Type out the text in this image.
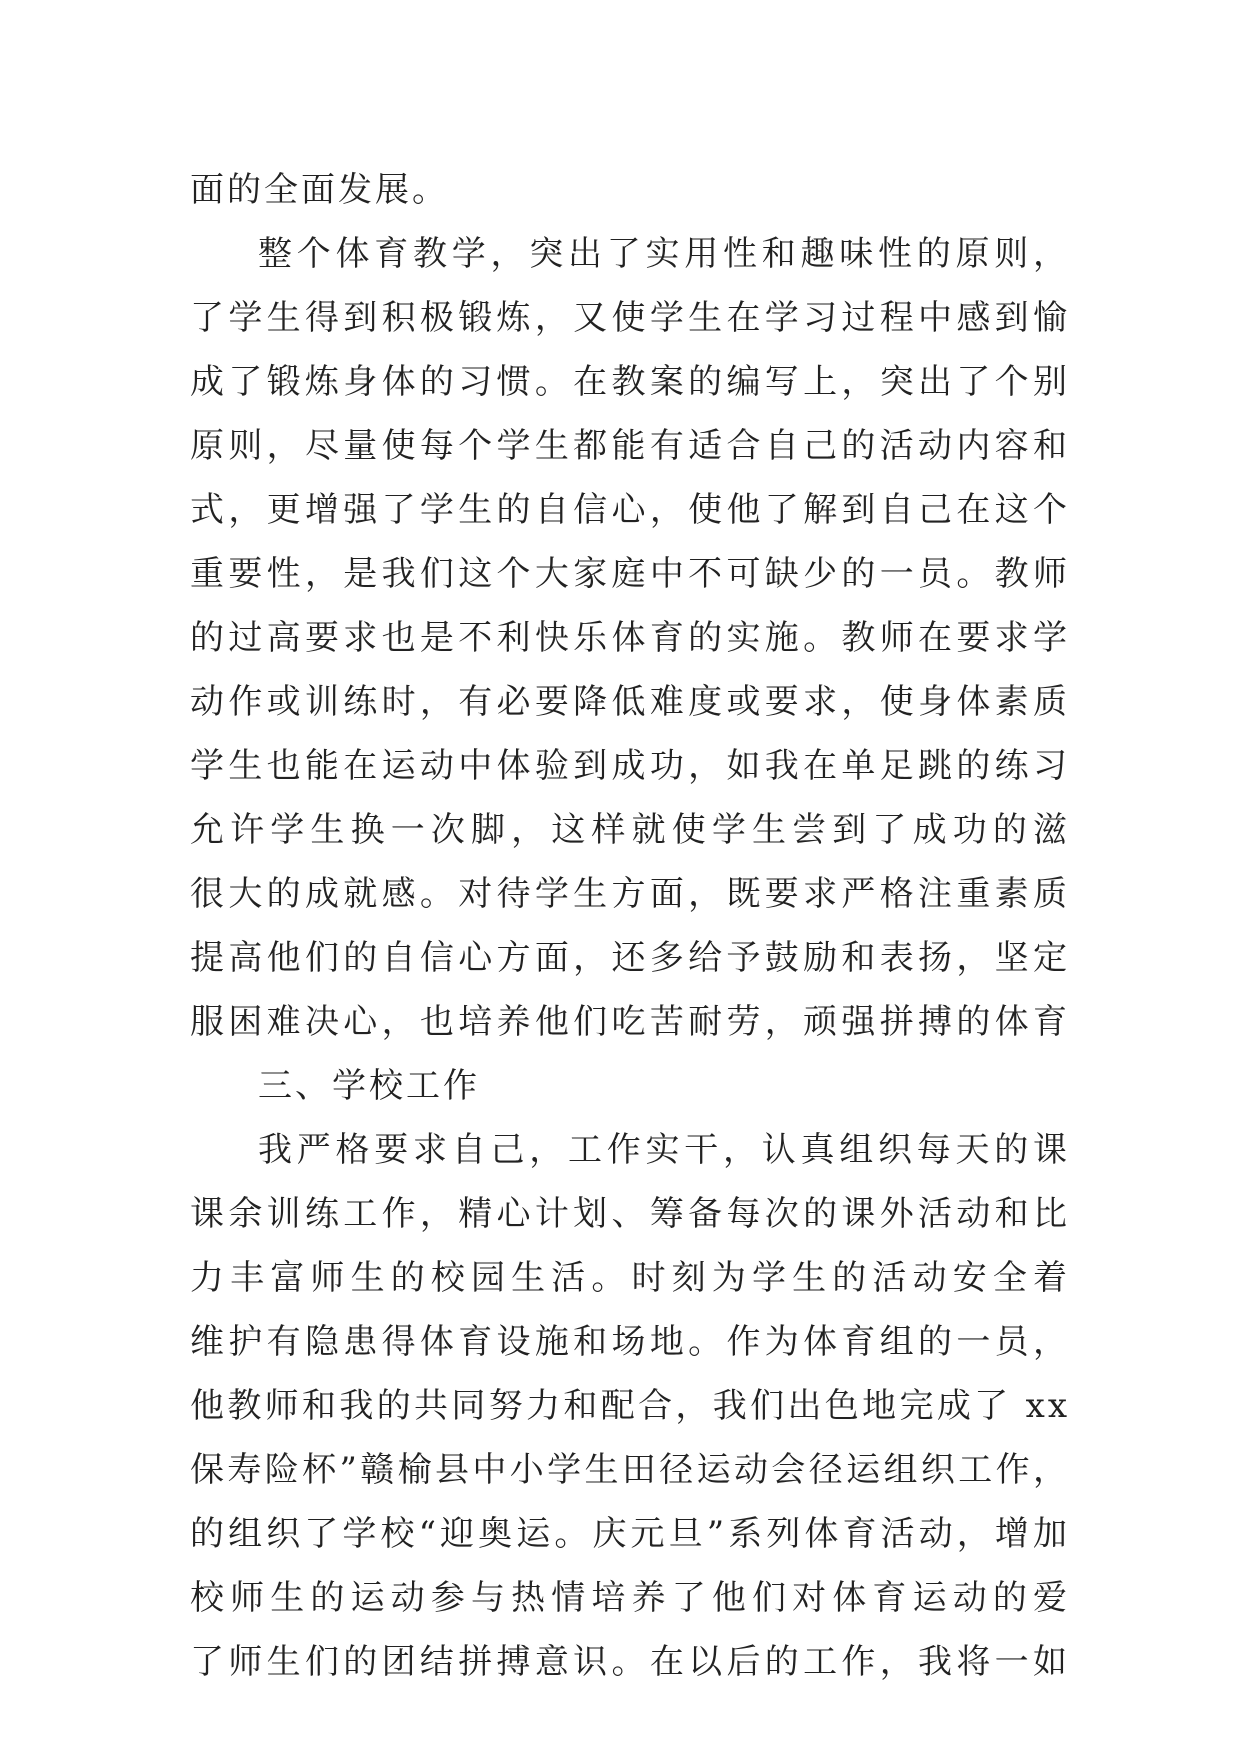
面的全面发展。
整个体育教学，突出了实用性和趣味性的原则，
了学生得到积极锻炼，又使学生在学习过程中感到愉
成了锻炼身体的习惯。在教案的编写上，突出了个别
原则，尽量使每个学生都能有适合自己的活动内容和
式，更增强了学生的自信心，使他了解到自己在这个
重要性，是我们这个大家庭中不可缺少的一员。教师
的过高要求也是不利快乐体育的实施。教师在要求学
动作或训练时，有必要降低难度或要求，使身体素质
学生也能在运动中体验到成功，如我在单足跳的练习
允许学生换一次脚，这样就使学生尝到了成功的滋
很大的成就感。对待学生方面，既要求严格注重素质
提高他们的自信心方面，还多给予鼓励和表扬，坚定
服困难决心，也培养他们吃苦耐劳，顽强拼搏的体育
三、学校工作
我严格要求自己，工作实干，认真组织每天的课
课余训练工作，精心计划、筹备每次的课外活动和比
力丰富师生的校园生活。时刻为学生的活动安全着
维护有隐患得体育设施和场地。作为体育组的一员，
他教师和我的共同努力和配合，我们出色地完成了 xx
保寿险杯”赣榆县中小学生田径运动会径运组织工作，
的组织了学校“迎奥运。庆元旦”系列体育活动，增加
校师生的运动参与热情培养了他们对体育运动的爱
了师生们的团结拼搏意识。在以后的工作，我将一如
